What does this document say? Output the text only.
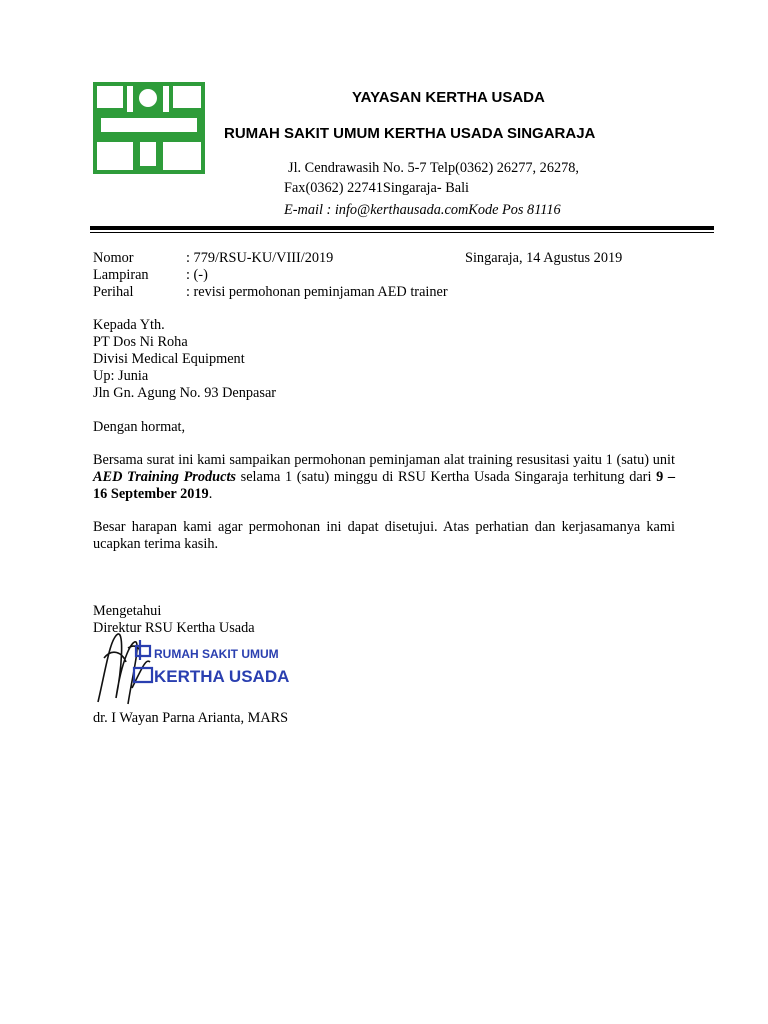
YAYASAN KERTHA USADA
RUMAH SAKIT UMUM KERTHA USADA SINGARAJA
Jl. Cendrawasih No. 5-7 Telp(0362) 26277, 26278,
Fax(0362) 22741Singaraja- Bali
E-mail : info@kerthausada.comKode Pos 81116
Nomor	: 779/RSU-KU/VIII/2019	Singaraja, 14 Agustus 2019
Lampiran	: (-)
Perihal	: revisi permohonan peminjaman AED trainer
Kepada Yth.
PT Dos Ni Roha
Divisi Medical Equipment
Up: Junia
Jln Gn. Agung No. 93 Denpasar
Dengan hormat,
Bersama surat ini kami sampaikan permohonan peminjaman alat training resusitasi yaitu 1 (satu) unit AED Training Products selama 1 (satu) minggu di RSU Kertha Usada Singaraja terhitung dari 9 – 16 September 2019.
Besar harapan kami agar permohonan ini dapat disetujui. Atas perhatian dan kerjasamanya kami ucapkan terima kasih.
Mengetahui
Direktur RSU Kertha Usada
RUMAH SAKIT UMUM
KERTHA USADA
dr. I Wayan Parna Arianta, MARS
